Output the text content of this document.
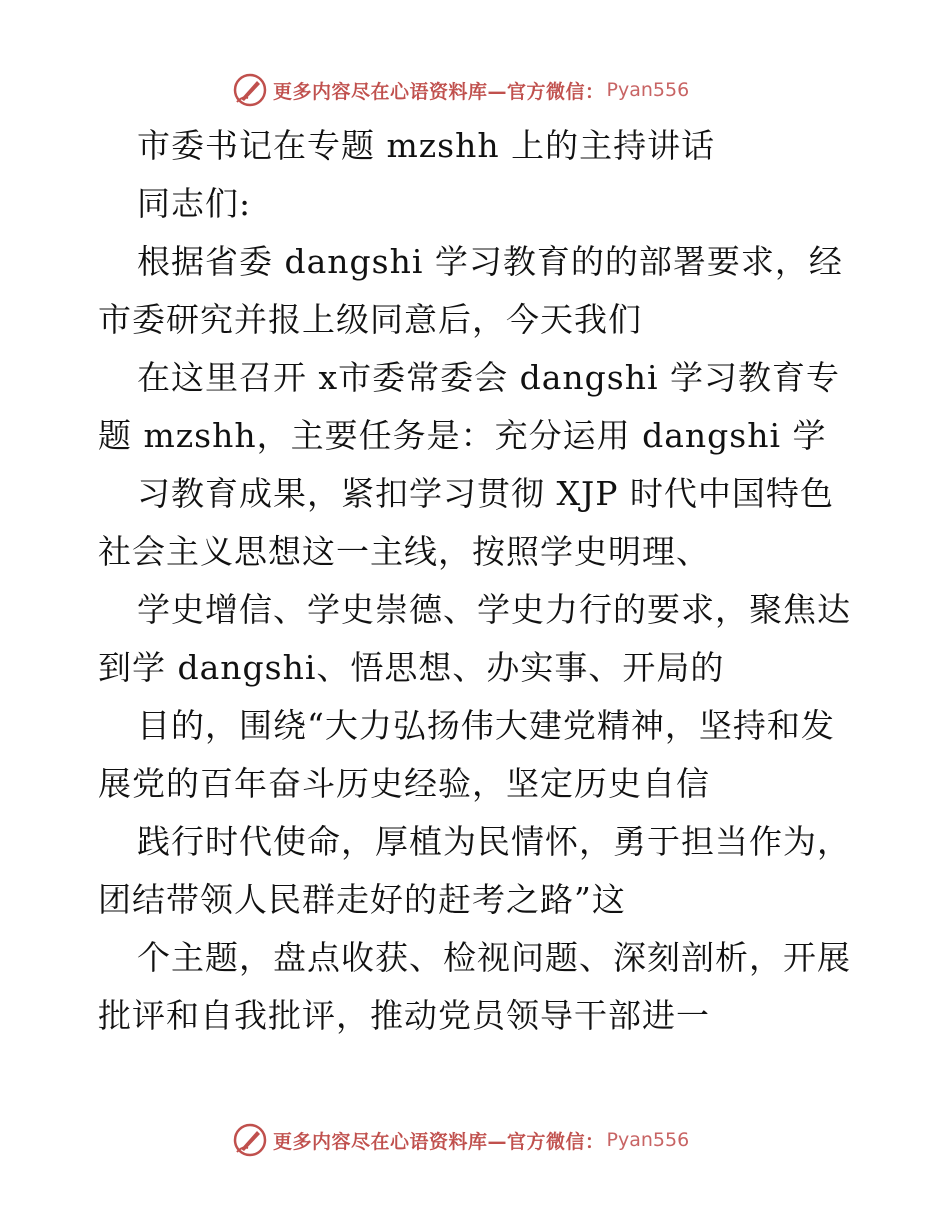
更多内容尽在心语资料库—官方微信： Pyan556
市委书记在专题 mzshh 上的主持讲话
同志们:
根据省委 dangshi 学习教育的的部署要求，经
市委研究并报上级同意后，今天我们
在这里召开 x市委常委会 dangshi 学习教育专
题 mzshh，主要任务是：充分运用 dangshi 学
习教育成果，紧扣学习贯彻 XJP 时代中国特色
社会主义思想这一主线，按照学史明理、
学史增信、学史崇德、学史力行的要求，聚焦达
到学 dangshi、悟思想、办实事、开局的
目的，围绕“大力弘扬伟大建党精神，坚持和发
展党的百年奋斗历史经验，坚定历史自信
践行时代使命，厚植为民情怀，勇于担当作为，
团结带领人民群走好的赶考之路”这
个主题，盘点收获、检视问题、深刻剖析，开展
批评和自我批评，推动党员领导干部进一
更多内容尽在心语资料库—官方微信： Pyan556
